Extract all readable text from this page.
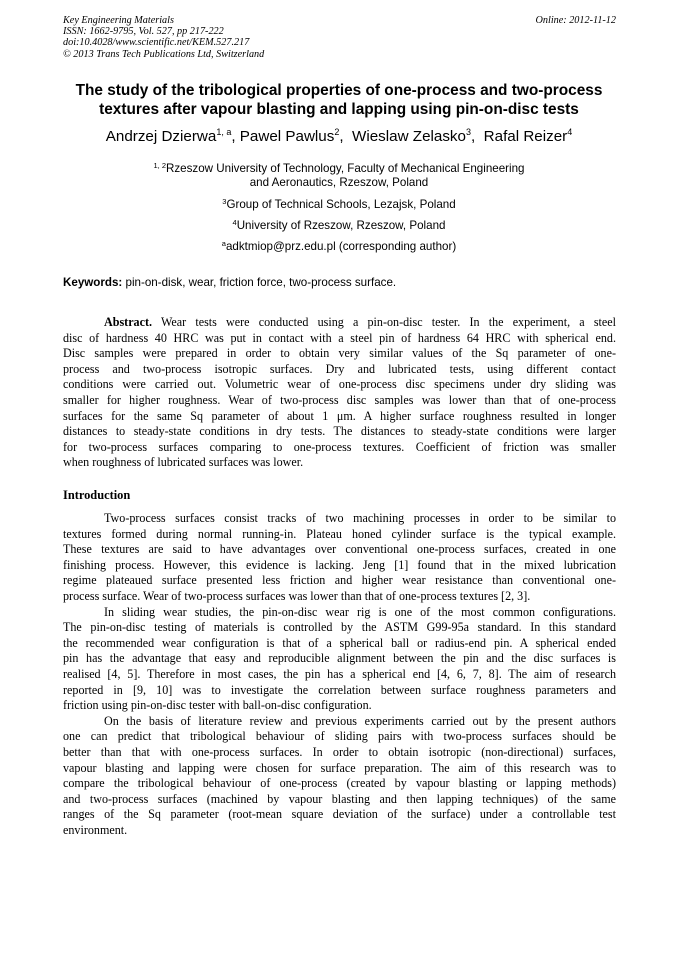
Key Engineering Materials
ISSN: 1662-9795, Vol. 527, pp 217-222
doi:10.4028/www.scientific.net/KEM.527.217
© 2013 Trans Tech Publications Ltd, Switzerland
Online: 2012-11-12
The study of the tribological properties of one-process and two-process
textures after vapour blasting and lapping using pin-on-disc tests
Andrzej Dzierwa$^{1, a}$, Pawel Pawlus$^2$,  Wieslaw Zelasko$^3$,  Rafal Reizer$^4$
$^{1, 2}$Rzeszow University of Technology, Faculty of Mechanical Engineering
and Aeronautics, Rzeszow, Poland
$^3$Group of Technical Schools, Lezajsk, Poland
$^4$University of Rzeszow, Rzeszow, Poland
$^a$adktmiop@prz.edu.pl (corresponding author)
Keywords: pin-on-disk, wear, friction force, two-process surface.
Abstract. Wear tests were conducted using a pin-on-disc tester. In the experiment, a steel
disc of hardness 40 HRC was put in contact with a steel pin of hardness 64 HRC with spherical end.
Disc samples were prepared in order to obtain very similar values of the Sq parameter of one-
process and two-process isotropic surfaces. Dry and lubricated tests, using different contact
conditions were carried out. Volumetric wear of one-process disc specimens under dry sliding was
smaller for higher roughness. Wear of two-process disc samples was lower than that of one-process
surfaces for the same Sq parameter of about 1 μm. A higher surface roughness resulted in longer
distances to steady-state conditions in dry tests. The distances to steady-state conditions were larger
for two-process surfaces comparing to one-process textures. Coefficient of friction was smaller
when roughness of lubricated surfaces was lower.
Introduction
Two-process surfaces consist tracks of two machining processes in order to be similar to
textures formed during normal running-in. Plateau honed cylinder surface is the typical example.
These textures are said to have advantages over conventional one-process surfaces, created in one
finishing process. However, this evidence is lacking. Jeng [1] found that in the mixed lubrication
regime plateaued surface presented less friction and higher wear resistance than conventional one-
process surface. Wear of two-process surfaces was lower than that of one-process textures [2, 3].
In sliding wear studies, the pin-on-disc wear rig is one of the most common configurations.
The pin-on-disc testing of materials is controlled by the ASTM G99-95a standard. In this standard
the recommended wear configuration is that of a spherical ball or radius-end pin. A spherical ended
pin has the advantage that easy and reproducible alignment between the pin and the disc surfaces is
realised [4, 5]. Therefore in most cases, the pin has a spherical end [4, 6, 7, 8]. The aim of research
reported in [9, 10] was to investigate the correlation between surface roughness parameters and
friction using pin-on-disc tester with ball-on-disc configuration.
On the basis of literature review and previous experiments carried out by the present authors
one can predict that tribological behaviour of sliding pairs with two-process surfaces should be
better than that with one-process surfaces. In order to obtain isotropic (non-directional) surfaces,
vapour blasting and lapping were chosen for surface preparation. The aim of this research was to
compare the tribological behaviour of one-process (created by vapour blasting or lapping methods)
and two-process surfaces (machined by vapour blasting and then lapping techniques) of the same
ranges of the Sq parameter (root-mean square deviation of the surface) under a controllable test
environment.
